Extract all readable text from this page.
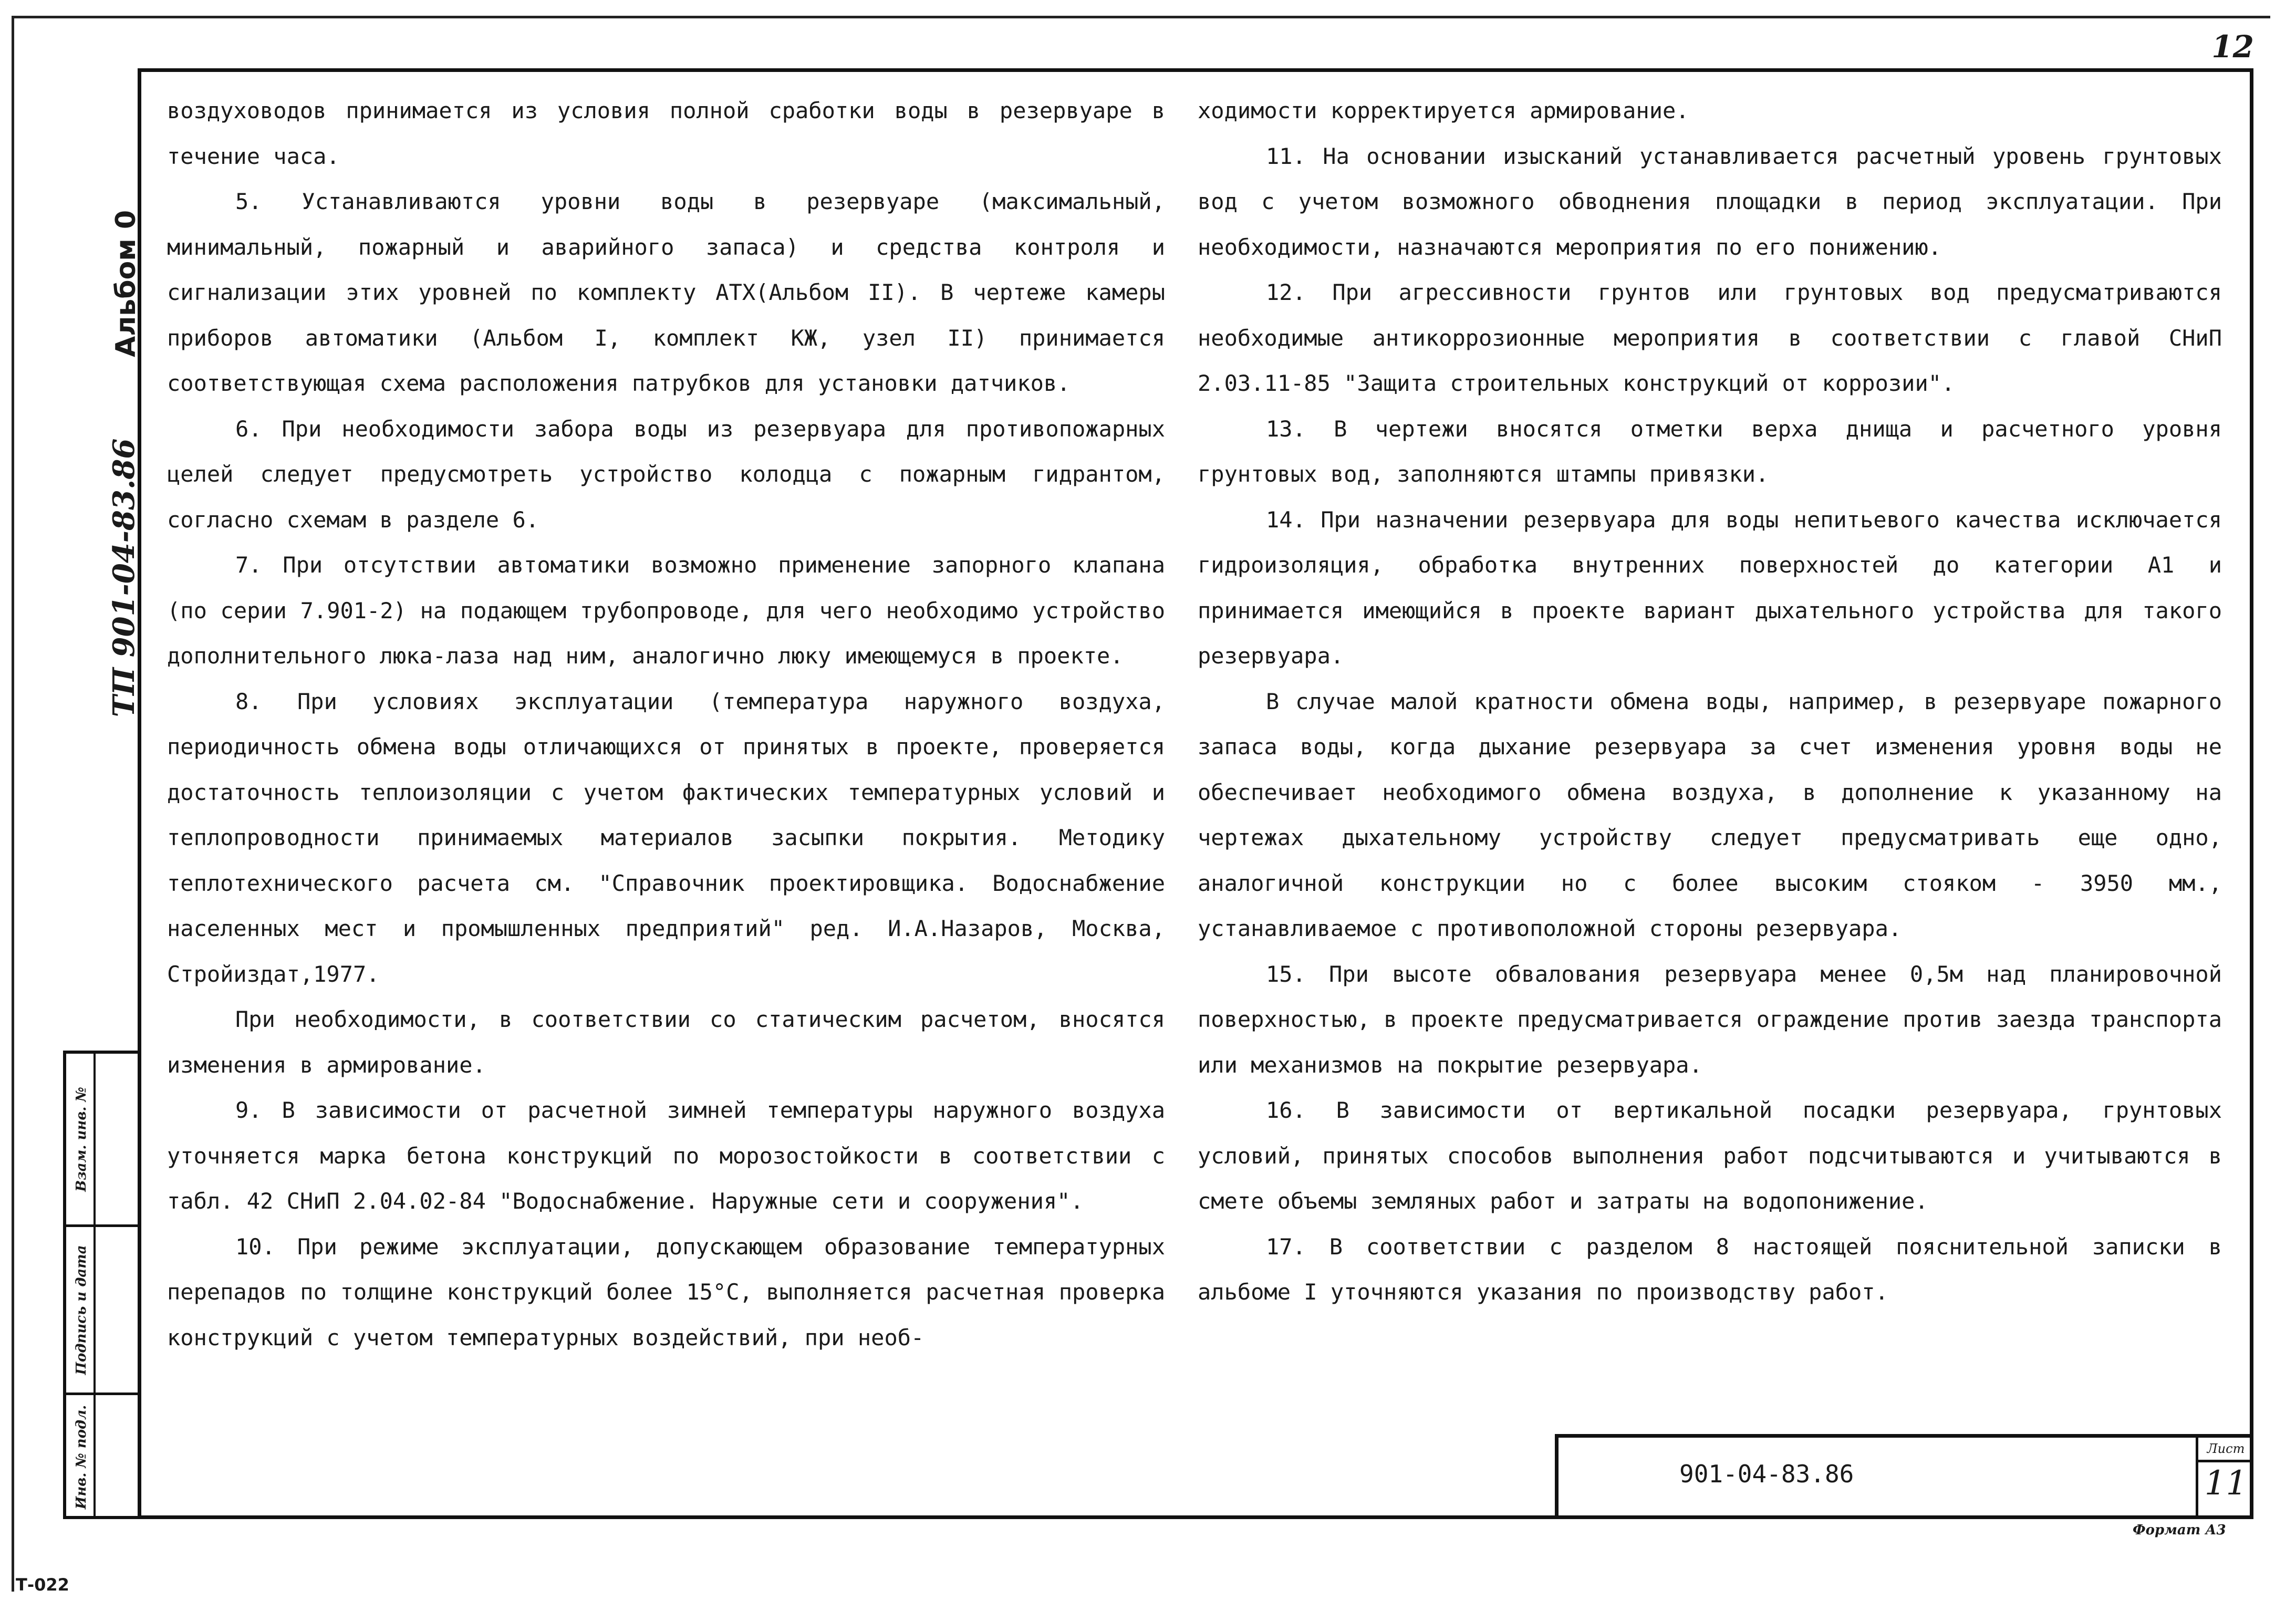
12
Альбом 0
ТП 901-04-83.86
Взам. инв. №
Подпись и дата
Инв. № подл.

воздуховодов принимается из условия полной сработки воды в резервуаре в течение часа.

5. Устанавливаются уровни воды в резервуаре (максимальный, минимальный, пожарный и аварийного запаса) и средства контроля и сигнализации этих уровней по комплекту АТХ(Альбом II). В чертеже камеры приборов автоматики (Альбом I, комплект КЖ, узел II) принимается соответствующая схема расположения патрубков для установки датчиков.

6. При необходимости забора воды из резервуара для противопожарных целей следует предусмотреть устройство колодца с пожарным гидрантом, согласно схемам в разделе 6.

7. При отсутствии автоматики возможно применение запорного клапана (по серии 7.901-2) на подающем трубопроводе, для чего необходимо устройство дополнительного люка-лаза над ним, аналогично люку имеющемуся в проекте.

8. При условиях эксплуатации (температура наружного воздуха, периодичность обмена воды отличающихся от принятых в проекте, проверяется достаточность теплоизоляции с учетом фактических температурных условий и теплопроводности принимаемых материалов засыпки покрытия. Методику теплотехнического расчета см. "Справочник проектировщика. Водоснабжение населенных мест и промышленных предприятий" ред. И.А.Назаров, Москва, Стройиздат,1977.

При необходимости, в соответствии со статическим расчетом, вносятся изменения в армирование.

9. В зависимости от расчетной зимней температуры наружного воздуха уточняется марка бетона конструкций по морозостойкости в соответствии с табл. 42 СНиП 2.04.02-84 "Водоснабжение. Наружные сети и сооружения".

10. При режиме эксплуатации, допускающем образование температурных перепадов по толщине конструкций более 15°С, выполняется расчетная проверка конструкций с учетом температурных воздействий, при необ-

ходимости корректируется армирование.

11. На основании изысканий устанавливается расчетный уровень грунтовых вод с учетом возможного обводнения площадки в период эксплуатации. При необходимости, назначаются мероприятия по его понижению.

12. При агрессивности грунтов или грунтовых вод предусматриваются необходимые антикоррозионные мероприятия в соответствии с главой СНиП 2.03.11-85 "Защита строительных конструкций от коррозии".

13. В чертежи вносятся отметки верха днища и расчетного уровня грунтовых вод, заполняются штампы привязки.

14. При назначении резервуара для воды непитьевого качества исключается гидроизоляция, обработка внутренних поверхностей до категории А1 и принимается имеющийся в проекте вариант дыхательного устройства для такого резервуара.

В случае малой кратности обмена воды, например, в резервуаре пожарного запаса воды, когда дыхание резервуара за счет изменения уровня воды не обеспечивает необходимого обмена воздуха, в дополнение к указанному на чертежах дыхательному устройству следует предусматривать еще одно, аналогичной конструкции но с более высоким стояком - 3950 мм., устанавливаемое с противоположной стороны резервуара.

15. При высоте обвалования резервуара менее 0,5м над планировочной поверхностью, в проекте предусматривается ограждение против заезда транспорта или механизмов на покрытие резервуара.

16. В зависимости от вертикальной посадки резервуара, грунтовых условий, принятых способов выполнения работ подсчитываются и учитываются в смете объемы земляных работ и затраты на водопонижение.

17. В соответствии с разделом 8 настоящей пояснительной записки в альбоме I уточняются указания по производству работ.

901-04-83.86
Лист
11
Формат А3
Т-022
